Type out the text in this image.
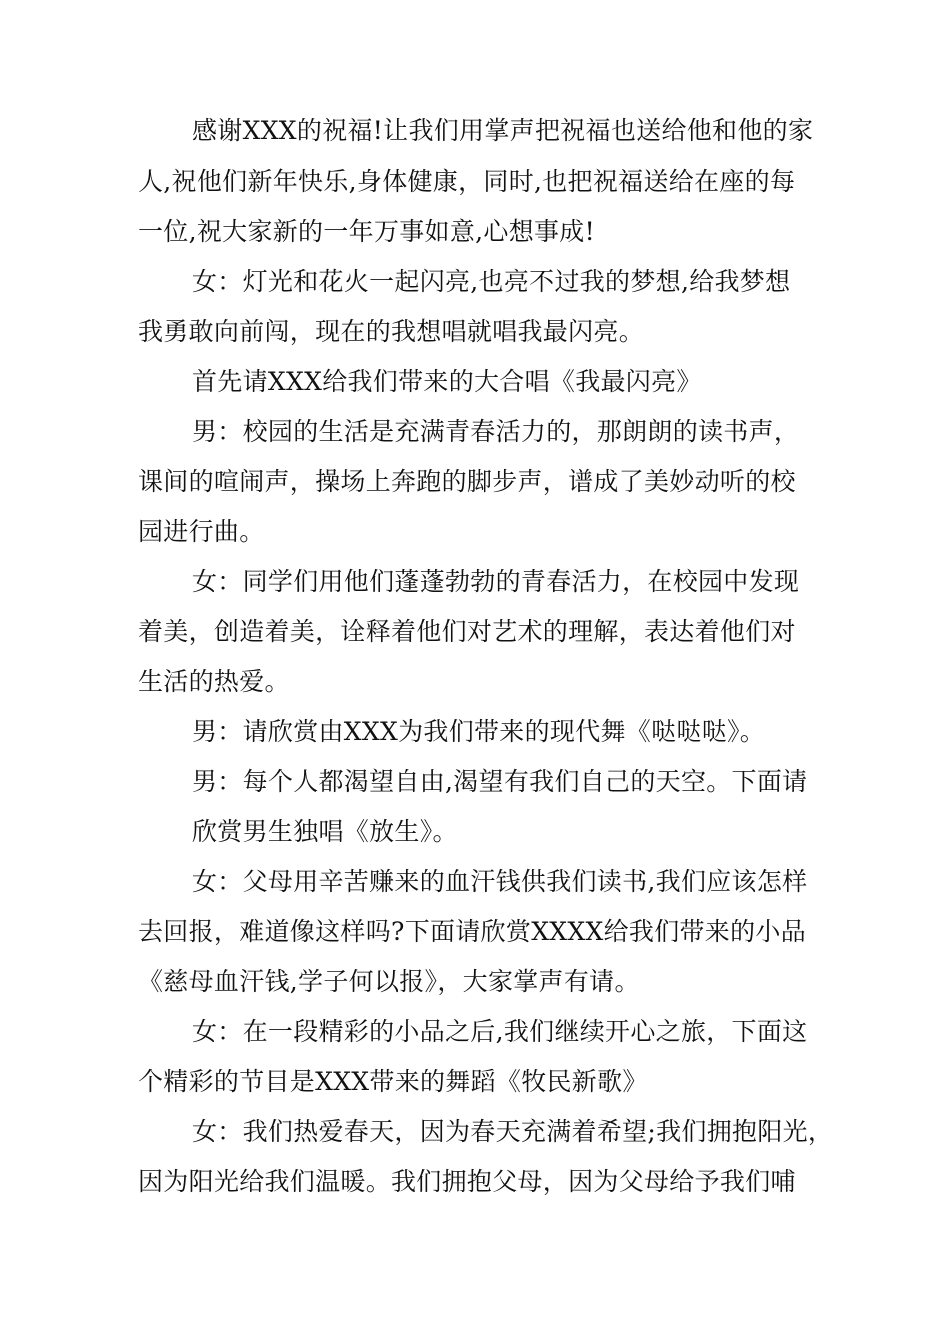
感谢XXX的祝福!让我们用掌声把祝福也送给他和他的家
人,祝他们新年快乐,身体健康，同时,也把祝福送给在座的每
一位,祝大家新的一年万事如意,心想事成!
女：灯光和花火一起闪亮,也亮不过我的梦想,给我梦想
我勇敢向前闯，现在的我想唱就唱我最闪亮。
首先请XXX给我们带来的大合唱《我最闪亮》
男：校园的生活是充满青春活力的，那朗朗的读书声，
课间的喧闹声，操场上奔跑的脚步声，谱成了美妙动听的校
园进行曲。
女：同学们用他们蓬蓬勃勃的青春活力，在校园中发现
着美，创造着美，诠释着他们对艺术的理解，表达着他们对
生活的热爱。
男：请欣赏由XXX为我们带来的现代舞《哒哒哒》。
男：每个人都渴望自由,渴望有我们自己的天空。下面请
欣赏男生独唱《放生》。
女：父母用辛苦赚来的血汗钱供我们读书,我们应该怎样
去回报，难道像这样吗?下面请欣赏XXXX给我们带来的小品
《慈母血汗钱,学子何以报》，大家掌声有请。
女：在一段精彩的小品之后,我们继续开心之旅，下面这
个精彩的节目是XXX带来的舞蹈《牧民新歌》
女：我们热爱春天，因为春天充满着希望;我们拥抱阳光，
因为阳光给我们温暖。我们拥抱父母，因为父母给予我们哺
